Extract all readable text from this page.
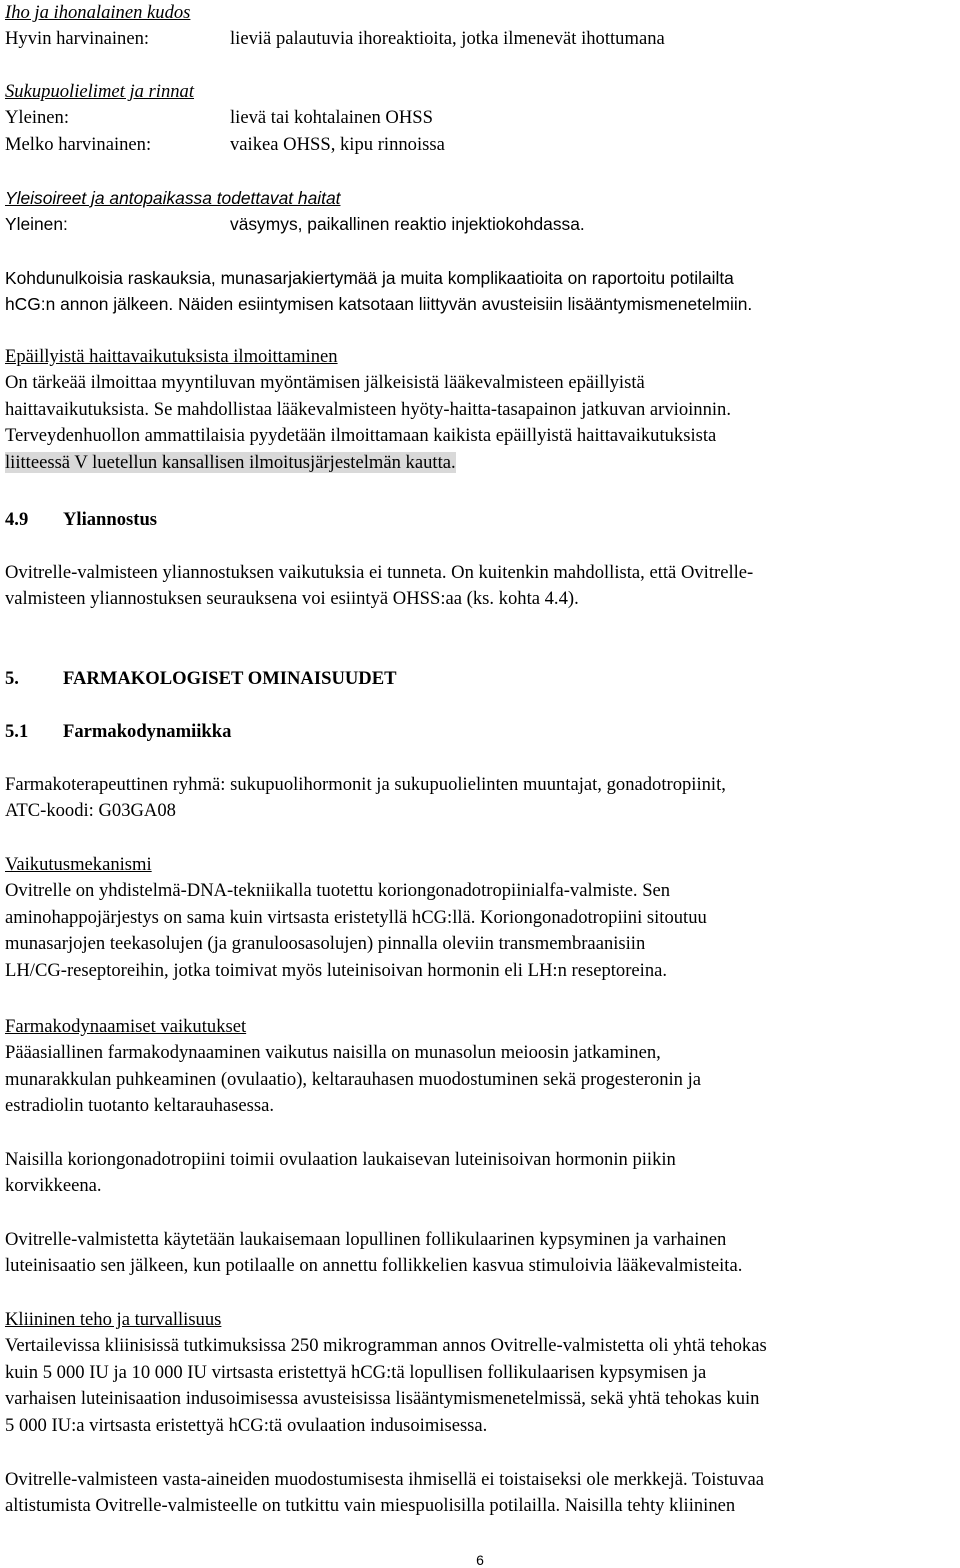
Iho ja ihonalainen kudos
Hyvin harvinainen:	lieviä palautuvia ihoreaktioita, jotka ilmenevät ihottumana
Sukupuolielimet ja rinnat
Yleinen:	lievä tai kohtalainen OHSS
Melko harvinainen:	vaikea OHSS, kipu rinnoissa
Yleisoireet ja antopaikassa todettavat haitat
Yleinen:	väsymys, paikallinen reaktio injektiokohdassa.
Kohdunulkoisia raskauksia, munasarjakiertymää ja muita komplikaatioita on raportoitu potilailta
hCG:n annon jälkeen. Näiden esiintymisen katsotaan liittyvän avusteisiin lisääntymismenetelmiin.
Epäillyistä haittavaikutuksista ilmoittaminen
On tärkeää ilmoittaa myyntiluvan myöntämisen jälkeisistä lääkevalmisteen epäillyistä
haittavaikutuksista. Se mahdollistaa lääkevalmisteen hyöty-haitta-tasapainon jatkuvan arvioinnin.
Terveydenhuollon ammattilaisia pyydetään ilmoittamaan kaikista epäillyistä haittavaikutuksista
liitteessä V luetellun kansallisen ilmoitusjärjestelmän kautta.
4.9 Yliannostus
Ovitrelle-valmisteen yliannostuksen vaikutuksia ei tunneta. On kuitenkin mahdollista, että Ovitrelle-
valmisteen yliannostuksen seurauksena voi esiintyä OHSS:aa (ks. kohta 4.4).
5. FARMAKOLOGISET OMINAISUUDET
5.1 Farmakodynamiikka
Farmakoterapeuttinen ryhmä: sukupuolihormonit ja sukupuolielinten muuntajat, gonadotropiinit,
ATC-koodi: G03GA08
Vaikutusmekanismi
Ovitrelle on yhdistelmä-DNA-tekniikalla tuotettu koriongonadotropiinialfa-valmiste. Sen
aminohappojärjestys on sama kuin virtsasta eristetyllä hCG:llä. Koriongonadotropiini sitoutuu
munasarjojen teekasolujen (ja granuloosasolujen) pinnalla oleviin transmembraanisiin
LH/CG-reseptoreihin, jotka toimivat myös luteinisoivan hormonin eli LH:n reseptoreina.
Farmakodynaamiset vaikutukset
Pääasiallinen farmakodynaaminen vaikutus naisilla on munasolun meioosin jatkaminen,
munarakkulan puhkeaminen (ovulaatio), keltarauhasen muodostuminen sekä progesteronin ja
estradiolin tuotanto keltarauhasessa.
Naisilla koriongonadotropiini toimii ovulaation laukaisevan luteinisoivan hormonin piikin
korvikkeena.
Ovitrelle-valmistetta käytetään laukaisemaan lopullinen follikulaarinen kypsyminen ja varhainen
luteinisaatio sen jälkeen, kun potilaalle on annettu follikkelien kasvua stimuloivia lääkevalmisteita.
Kliininen teho ja turvallisuus
Vertailevissa kliinisissä tutkimuksissa 250 mikrogramman annos Ovitrelle-valmistetta oli yhtä tehokas
kuin 5 000 IU ja 10 000 IU virtsasta eristettyä hCG:tä lopullisen follikulaarisen kypsymisen ja
varhaisen luteinisaation indusoimisessa avusteisissa lisääntymismenetelmissä, sekä yhtä tehokas kuin
5 000 IU:a virtsasta eristettyä hCG:tä ovulaation indusoimisessa.
Ovitrelle-valmisteen vasta-aineiden muodostumisesta ihmisellä ei toistaiseksi ole merkkejä. Toistuvaa
altistumista Ovitrelle-valmisteelle on tutkittu vain miespuolisilla potilailla. Naisilla tehty kliininen
6
